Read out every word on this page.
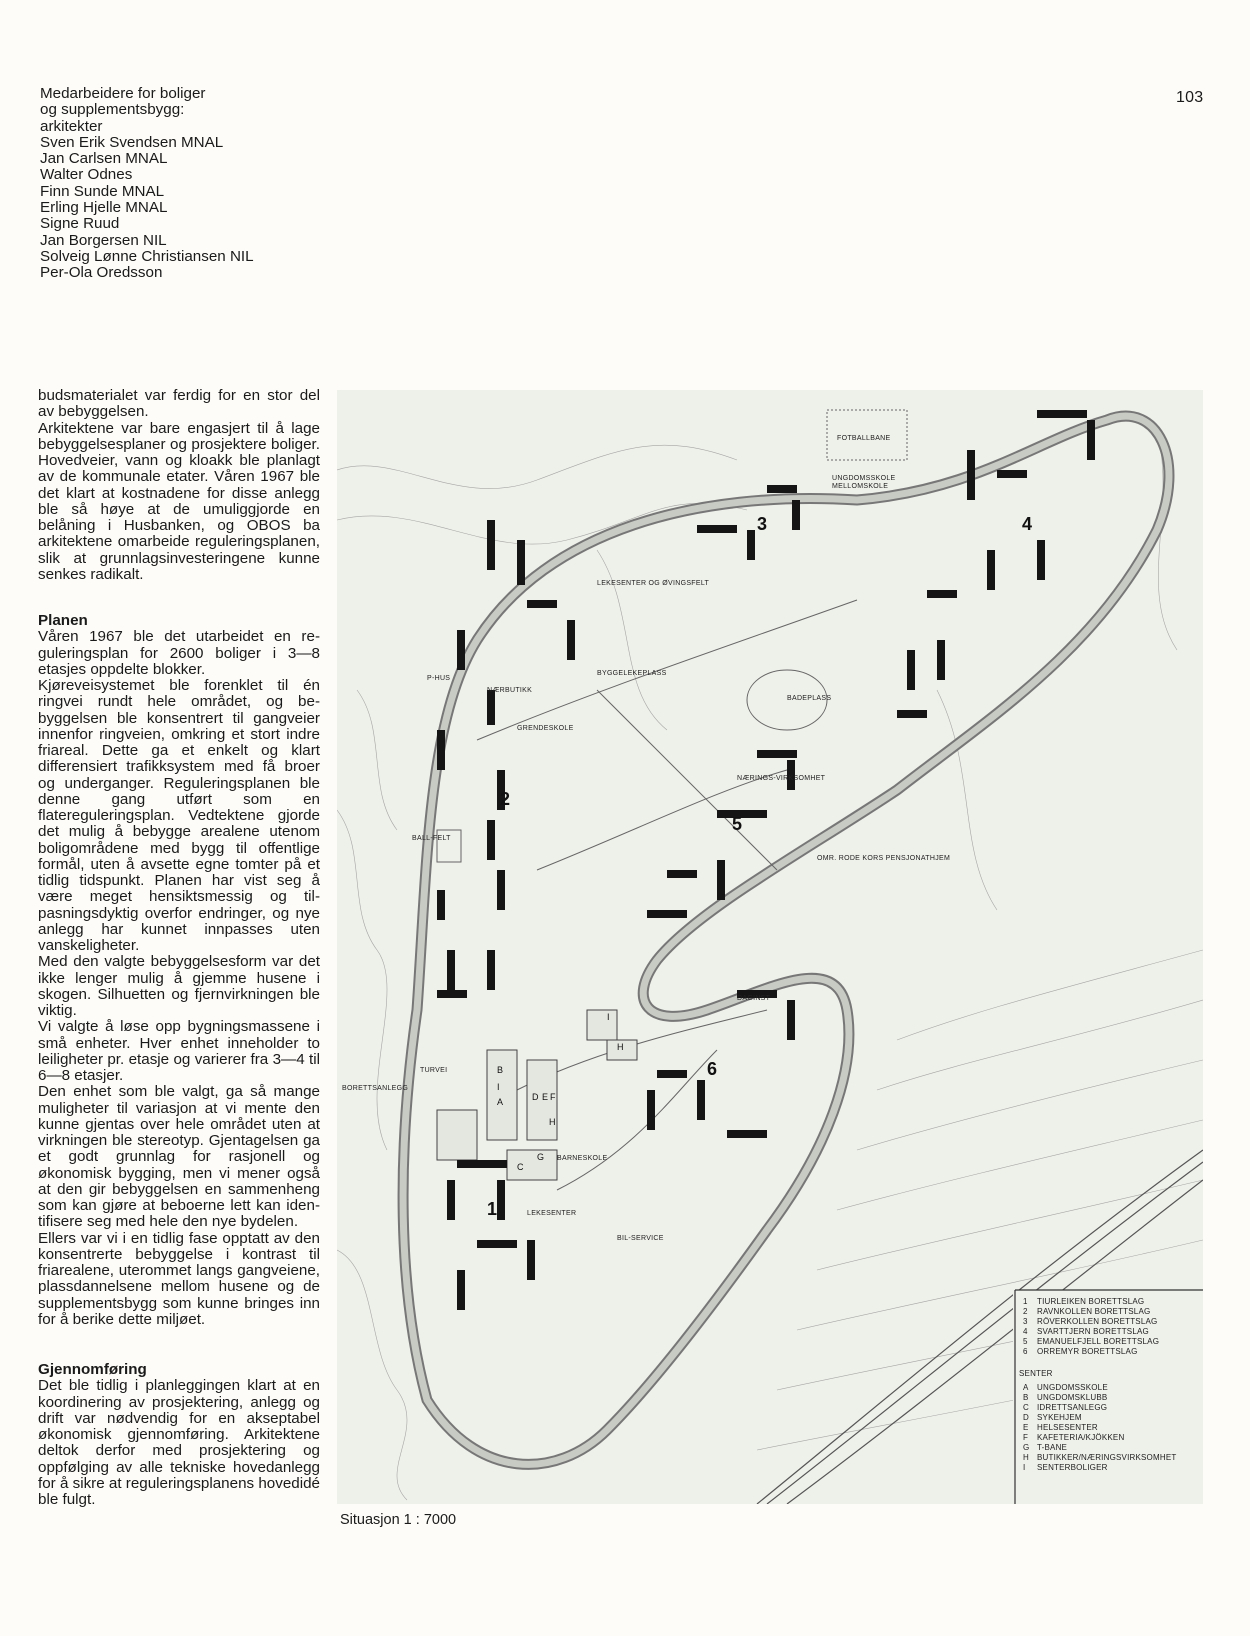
103
Medarbeidere for boliger
og supplementsbygg:
arkitekter
Sven Erik Svendsen MNAL
Jan Carlsen MNAL
Walter Odnes
Finn Sunde MNAL
Erling Hjelle MNAL
Signe Ruud
Jan Borgersen NIL
Solveig Lønne Christiansen NIL
Per-Ola Oredsson

budsmaterialet var ferdig for en stor del av bebyggelsen.

Arkitektene var bare engasjert til å lage bebyggelsesplaner og prosjektere boliger. Hovedveier, vann og kloakk ble planlagt av de kommunale etater. Våren 1967 ble det klart at kostnadene for disse anlegg ble så høye at de umuliggjorde en belåning i Husbanken, og OBOS ba arkitektene omarbeide reguleringsplanen, slik at grunnlagsinvesteringene kunne senkes radikalt.

Planen

Våren 1967 ble det utarbeidet en reguleringsplan for 2600 boliger i 3—8 etasjes oppdelte blokker.

Kjøreveisystemet ble forenklet til én ringvei rundt hele området, og bebyggelsen ble konsentrert til gangveier innenfor ringveien, omkring et stort indre friareal. Dette ga et enkelt og klart differensiert trafikksystem med få broer og underganger. Reguleringsplanen ble denne gang utført som en flatereguleringsplan. Vedtektene gjorde det mulig å bebygge arealene utenom boligområdene med bygg til offentlige formål, uten å avsette egne tomter på et tidlig tidspunkt. Planen har vist seg å være meget hensiktsmessig og tilpasningsdyktig overfor endringer, og nye anlegg har kunnet innpasses uten vanskeligheter.

Med den valgte bebyggelsesform var det ikke lenger mulig å gjemme husene i skogen. Silhuetten og fjernvirkningen ble viktig.

Vi valgte å løse opp bygningsmassene i små enheter. Hver enhet inneholder to leiligheter pr. etasje og varierer fra 3—4 til 6—8 etasjer.

Den enhet som ble valgt, ga så mange muligheter til variasjon at vi mente den kunne gjentas over hele området uten at virkningen ble stereotyp. Gjentagelsen ga et godt grunnlag for rasjonell og økonomisk bygging, men vi mener også at den gir bebyggelsen en sammenheng som kan gjøre at beboerne lett kan identifisere seg med hele den nye bydelen.

Ellers var vi i en tidlig fase opptatt av den konsentrerte bebyggelse i kontrast til friarealene, uterommet langs gangveiene, plassdannelsene mellom husene og de supplementsbygg som kunne bringes inn for å berike dette miljøet.

Gjennomføring

Det ble tidlig i planleggingen klart at en koordinering av prosjektering, anlegg og drift var nødvendig for en akseptabel økonomisk gjennomføring. Arkitektene deltok derfor med prosjektering og oppfølging av alle tekniske hovedanlegg for å sikre at reguleringsplanens hovedidé ble fulgt.

1
2
3	4
5
6
FOTBALLBANE
UNGDOMSSKOLE
MELLOMSKOLE
LEKESENTER OG ØVINGSFELT
BYGGELEKEPLASS
BADEPLASS
GRENDESKOLE
P-HUS
NÆRBUTIKK
BALL-FELT
BARNESKOLE
LEKESENTER
BIL-SERVICE
TURVEI
BORETTSANLEGG
OMR. RODE KORS PENSJONATHJEM
NÆRINGS-VIRKSOMHET
DAGINST
B
I
A	D E F
H
C
G
H
I
1 TIURLEIKEN BORETTSLAG
2 RAVNKOLLEN BORETTSLAG
3 RÖVERKOLLEN BORETTSLAG
4 SVARTTJERN BORETTSLAG
5 EMANUELFJELL BORETTSLAG
6 ORREMYR BORETTSLAG
SENTER
A UNGDOMSSKOLE
B UNGDOMSKLUBB
C IDRETTSANLEGG
D SYKEHJEM
E HELSESENTER
F KAFETERIA/KJÖKKEN
G T-BANE
H BUTIKKER/NÆRINGSVIRKSOMHET
I SENTERBOLIGER
Situasjon 1 : 7000
